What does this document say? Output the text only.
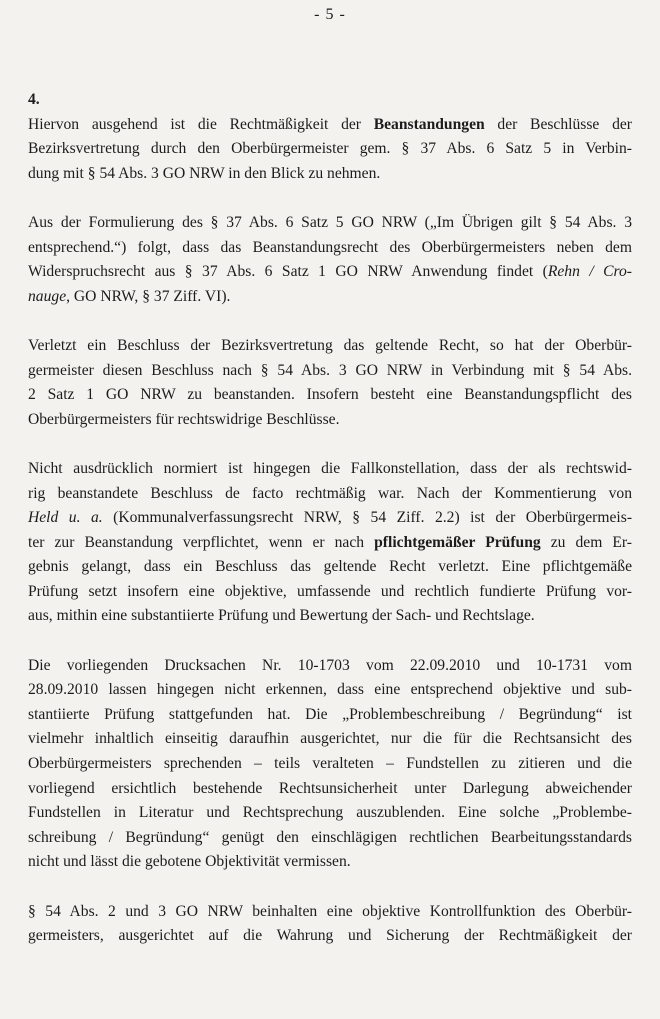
- 5 -

4.

Hiervon ausgehend ist die Rechtmäßigkeit der Beanstandungen der Beschlüsse der
Bezirksvertretung durch den Oberbürgermeister gem. § 37 Abs. 6 Satz 5 in Verbin-
dung mit § 54 Abs. 3 GO NRW in den Blick zu nehmen.

Aus der Formulierung des § 37 Abs. 6 Satz 5 GO NRW („Im Übrigen gilt § 54 Abs. 3
entsprechend.“) folgt, dass das Beanstandungsrecht des Oberbürgermeisters neben dem
Widerspruchsrecht aus § 37 Abs. 6 Satz 1 GO NRW Anwendung findet (Rehn / Cro-
nauge, GO NRW, § 37 Ziff. VI).

Verletzt ein Beschluss der Bezirksvertretung das geltende Recht, so hat der Oberbür-
germeister diesen Beschluss nach § 54 Abs. 3 GO NRW in Verbindung mit § 54 Abs.
2 Satz 1 GO NRW zu beanstanden. Insofern besteht eine Beanstandungspflicht des
Oberbürgermeisters für rechtswidrige Beschlüsse.

Nicht ausdrücklich normiert ist hingegen die Fallkonstellation, dass der als rechtswid-
rig beanstandete Beschluss de facto rechtmäßig war. Nach der Kommentierung von
Held u. a. (Kommunalverfassungsrecht NRW, § 54 Ziff. 2.2) ist der Oberbürgermeis-
ter zur Beanstandung verpflichtet, wenn er nach pflichtgemäßer Prüfung zu dem Er-
gebnis gelangt, dass ein Beschluss das geltende Recht verletzt. Eine pflichtgemäße
Prüfung setzt insofern eine objektive, umfassende und rechtlich fundierte Prüfung vor-
aus, mithin eine substantiierte Prüfung und Bewertung der Sach- und Rechtslage.

Die vorliegenden Drucksachen Nr. 10-1703 vom 22.09.2010 und 10-1731 vom
28.09.2010 lassen hingegen nicht erkennen, dass eine entsprechend objektive und sub-
stantiierte Prüfung stattgefunden hat. Die „Problembeschreibung / Begründung“ ist
vielmehr inhaltlich einseitig daraufhin ausgerichtet, nur die für die Rechtsansicht des
Oberbürgermeisters sprechenden – teils veralteten – Fundstellen zu zitieren und die
vorliegend ersichtlich bestehende Rechtsunsicherheit unter Darlegung abweichender
Fundstellen in Literatur und Rechtsprechung auszublenden. Eine solche „Problembe-
schreibung / Begründung“ genügt den einschlägigen rechtlichen Bearbeitungsstandards
nicht und lässt die gebotene Objektivität vermissen.

§ 54 Abs. 2 und 3 GO NRW beinhalten eine objektive Kontrollfunktion des Oberbür-
germeisters, ausgerichtet auf die Wahrung und Sicherung der Rechtmäßigkeit der
